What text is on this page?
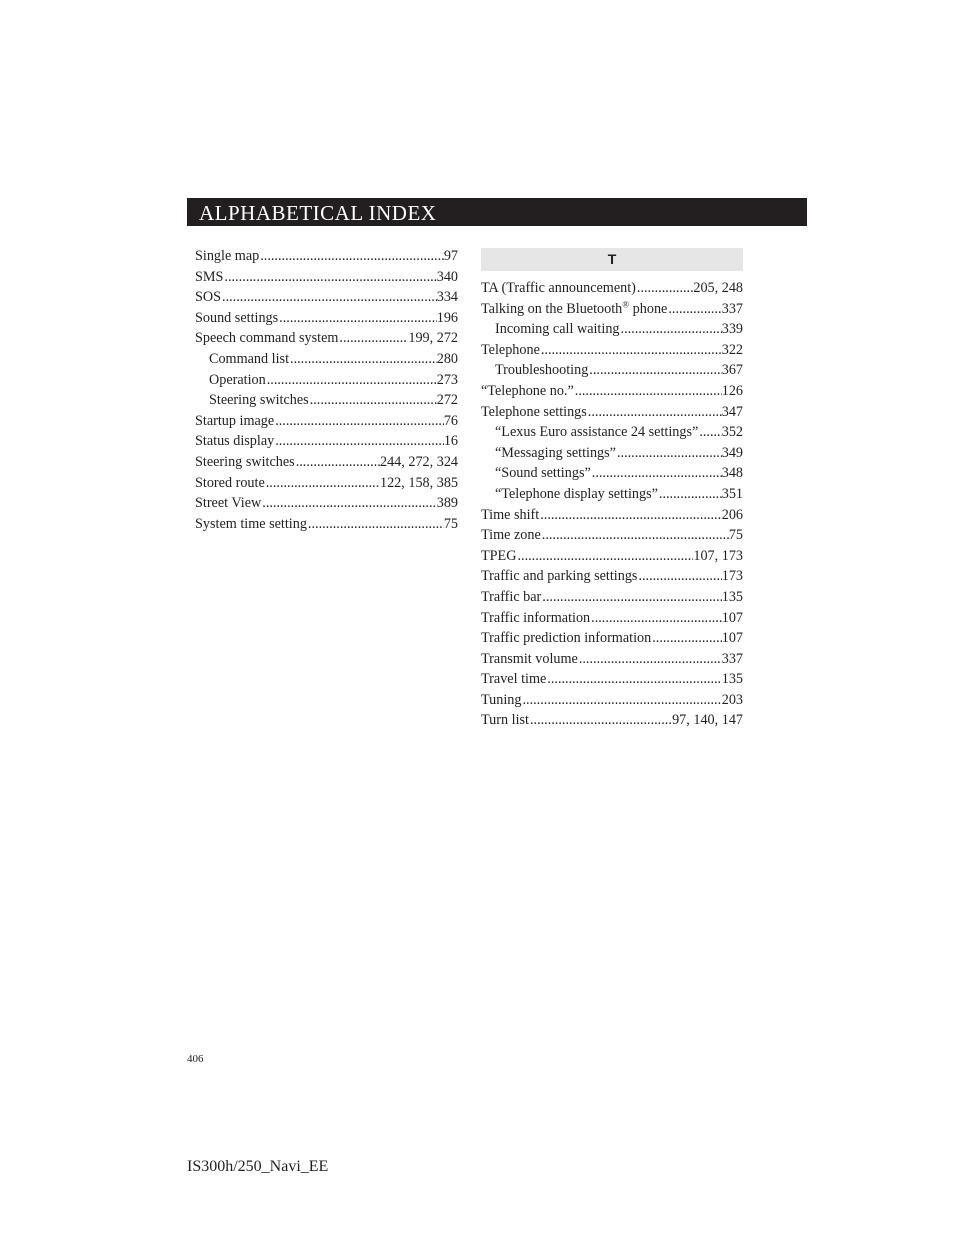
ALPHABETICAL INDEX
Single map .....	97
SMS .....	340
SOS .....	334
Sound settings .....	196
Speech command system .....	199, 272
Command list .....	280
Operation .....	273
Steering switches .....	272
Startup image .....	76
Status display .....	16
Steering switches .....	244, 272, 324
Stored route .....	122, 158, 385
Street View .....	389
System time setting .....	75
T
TA (Traffic announcement) .....	205, 248
Talking on the Bluetooth® phone .....	337
Incoming call waiting .....	339
Telephone .....	322
Troubleshooting .....	367
“Telephone no.” .....	126
Telephone settings .....	347
“Lexus Euro assistance 24 settings” ..... 352
“Messaging settings” .....	349
“Sound settings” .....	348
“Telephone display settings” .....	351
Time shift .....	206
Time zone .....	75
TPEG .....	107, 173
Traffic and parking settings .....	173
Traffic bar .....	135
Traffic information .....	107
Traffic prediction information .....	107
Transmit volume .....	337
Travel time .....	135
Tuning .....	203
Turn list .....	97, 140, 147
406
IS300h/250_Navi_EE
